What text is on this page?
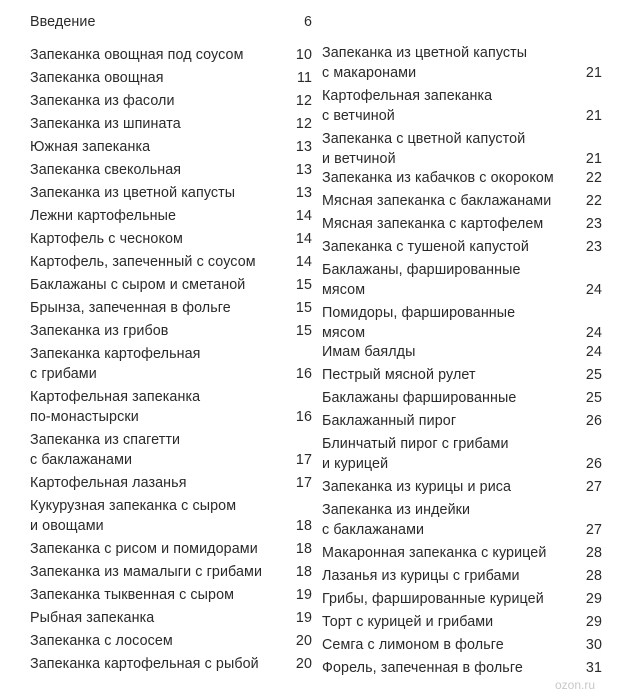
Введение	6
Запеканка овощная под соусом	10
Запеканка овощная	11
Запеканка из фасоли	12
Запеканка из шпината	12
Южная запеканка	13
Запеканка свекольная	13
Запеканка из цветной капусты	13
Лежни картофельные	14
Картофель с чесноком	14
Картофель, запеченный с соусом	14
Баклажаны с сыром и сметаной	15
Брынза, запеченная в фольге	15
Запеканка из грибов	15
Запеканка картофельная
с грибами	16
Картофельная запеканка
по-монастырски	16
Запеканка из спагетти
с баклажанами	17
Картофельная лазанья	17
Кукурузная запеканка с сыром
и овощами	18
Запеканка с рисом и помидорами	18
Запеканка из мамалыги с грибами	18
Запеканка тыквенная с сыром	19
Рыбная запеканка	19
Запеканка с лососем	20
Запеканка картофельная с рыбой	20
Запеканка из цветной капусты
с макаронами	21
Картофельная запеканка
с ветчиной	21
Запеканка с цветной капустой
и ветчиной	21
Запеканка из кабачков с окороком	22
Мясная запеканка с баклажанами	22
Мясная запеканка с картофелем	23
Запеканка с тушеной капустой	23
Баклажаны, фаршированные
мясом	24
Помидоры, фаршированные
мясом	24
Имам баялды	24
Пестрый мясной рулет	25
Баклажаны фаршированные	25
Баклажанный пирог	26
Блинчатый пирог с грибами
и курицей	26
Запеканка из курицы и риса	27
Запеканка из индейки
с баклажанами	27
Макаронная запеканка с курицей	28
Лазанья из курицы с грибами	28
Грибы, фаршированные курицей	29
Торт с курицей и грибами	29
Семга с лимоном в фольге	30
Форель, запеченная в фольге	31
ozon.ru
